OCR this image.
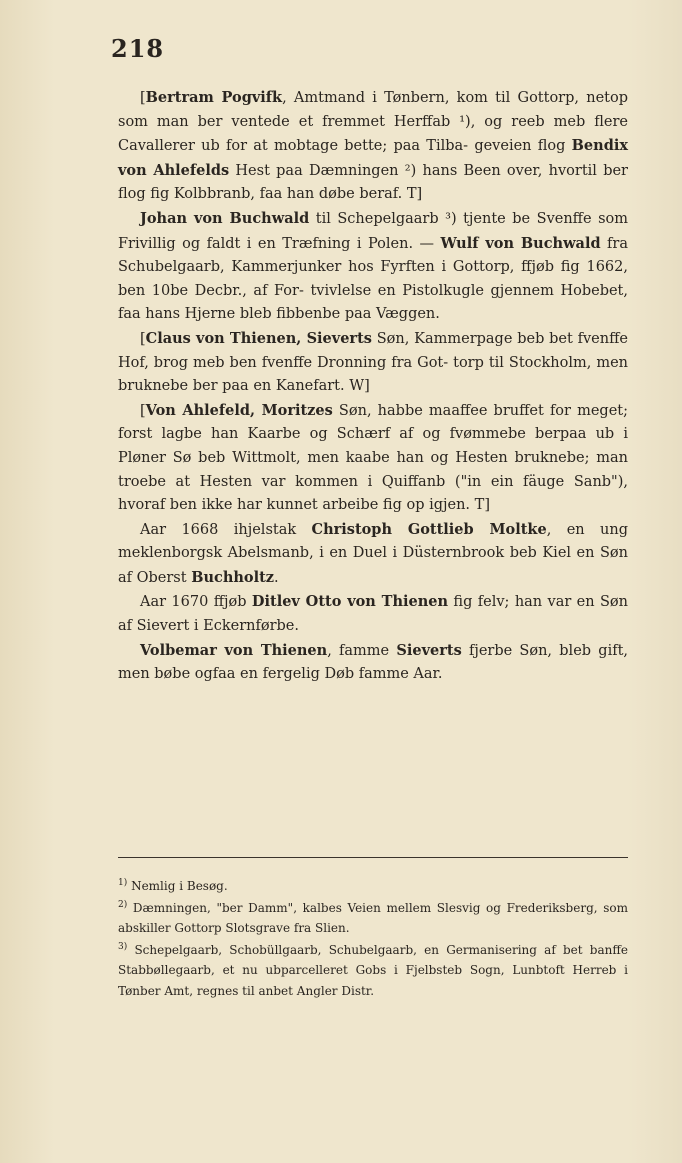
218

[Bertram Pogvifk, Amtmand i Tønbern, kom til Gottorp, netop som man ber ventede et fremmet Herffab ¹), og reeb meb flere Cavallerer ub for at mobtage bette; paa Tilba- geveien flog Bendix von Ahlefelds Hest paa Dæmningen ²) hans Been over, hvortil ber flog fig Kolbbranb, faa han døbe beraf. T]

Johan von Buchwald til Schepelgaarb ³) tjente be Svenffe som Frivillig og faldt i en Træfning i Polen. — Wulf von Buchwald fra Schubelgaarb, Kammerjunker hos Fyrften i Gottorp, ffjøb fig 1662, ben 10be Decbr., af For- tvivlelse en Pistolkugle gjennem Hobebet, faa hans Hjerne bleb fibbenbe paa Væggen.

[Claus von Thienen, Sieverts Søn, Kammerpage beb bet fvenffe Hof, brog meb ben fvenffe Dronning fra Got- torp til Stockholm, men bruknebe ber paa en Kanefart. W]

[Von Ahlefeld, Moritzes Søn, habbe maaffee bruffet for meget; forst lagbe han Kaarbe og Schærf af og fvømmebe berpaa ub i Pløner Sø beb Wittmolt, men kaabe han og Hesten bruknebe; man troebe at Hesten var kommen i Quiffanb ("in ein fäuge Sanb"), hvoraf ben ikke har kunnet arbeibe fig op igjen. T]

Aar 1668 ihjelstak Christoph Gottlieb Moltke, en ung meklenborgsk Abelsmanb, i en Duel i Düsternbrook beb Kiel en Søn af Oberst Buchholtz.

Aar 1670 ffjøb Ditlev Otto von Thienen fig felv; han var en Søn af Sievert i Eckernførbe.

Volbemar von Thienen, famme Sieverts fjerbe Søn, bleb gift, men bøbe ogfaa en fergelig Døb famme Aar.

$^{1)}$ Nemlig i Besøg.

$^{2)}$ Dæmningen, "ber Damm", kalbes Veien mellem Slesvig og Frederiksberg, som abskiller Gottorp Slotsgrave fra Slien.

$^{3)}$ Schepelgaarb, Schobüllgaarb, Schubelgaarb, en Germanisering af bet banffe Stabbøllegaarb, et nu ubparcelleret Gobs i Fjelbsteb Sogn, Lunbtoft Herreb i Tønber Amt, regnes til anbet Angler Distr.
